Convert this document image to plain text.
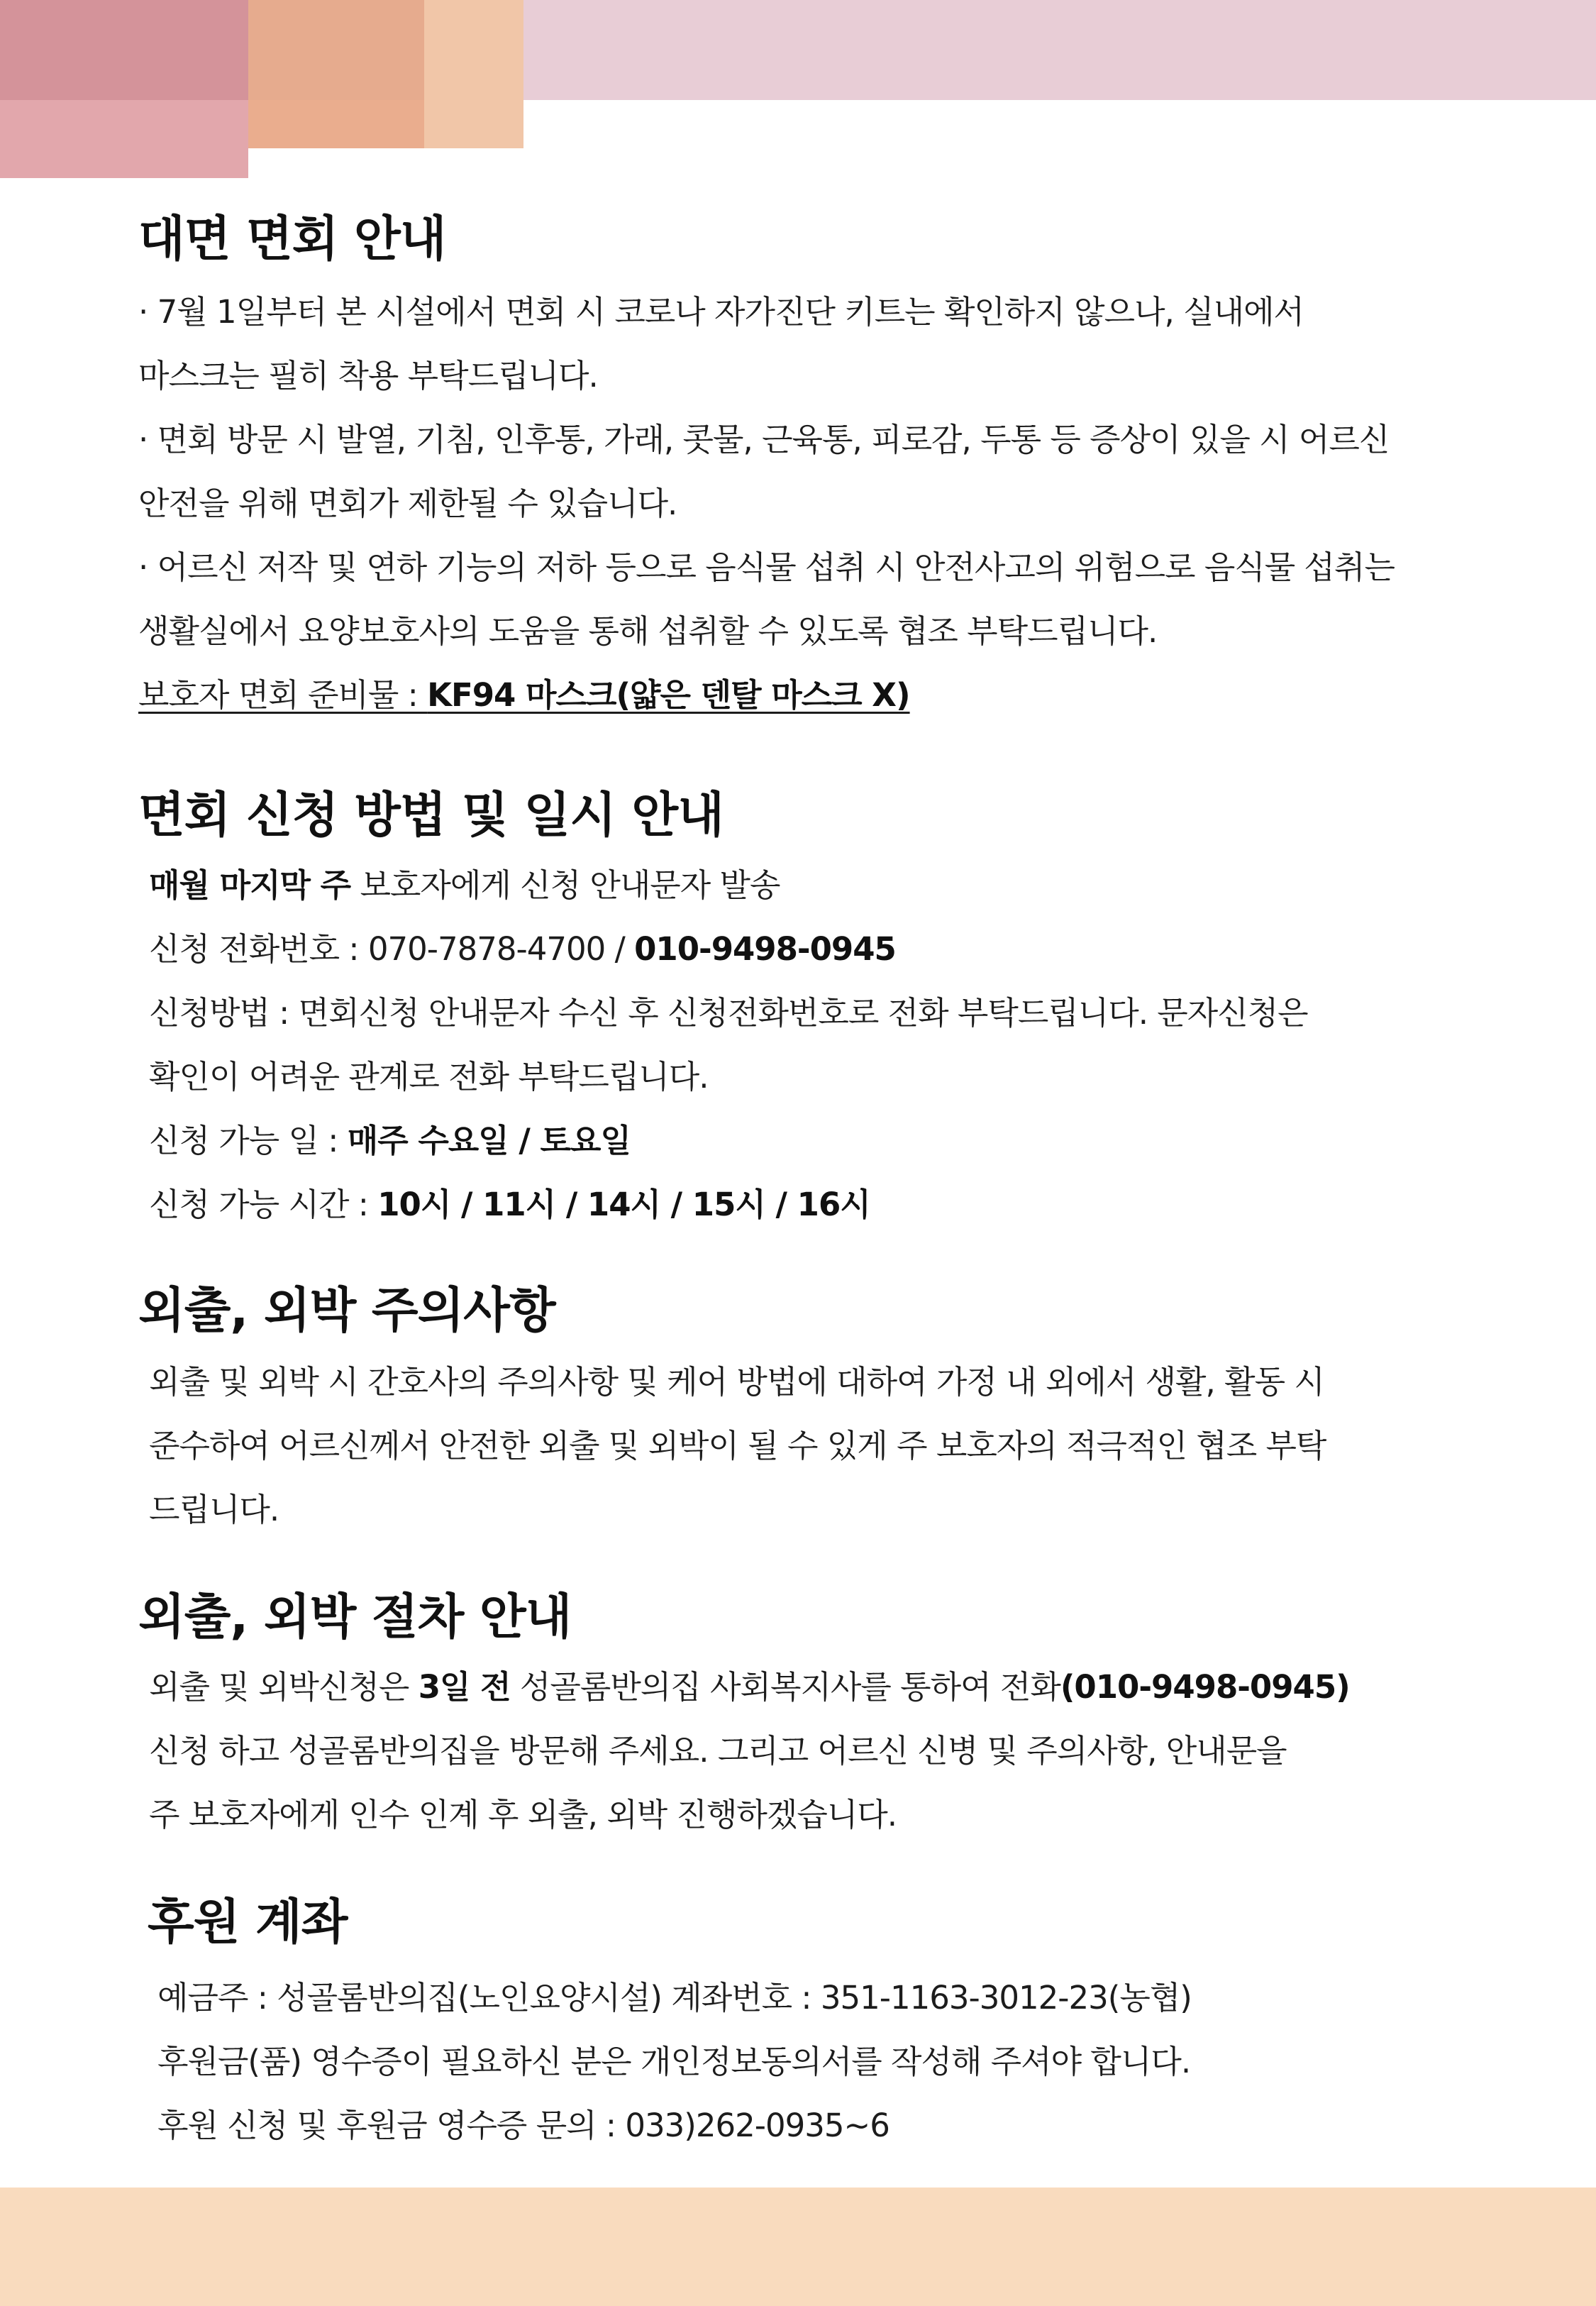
대면 면회 안내
· 7월 1일부터 본 시설에서 면회 시 코로나 자가진단 키트는 확인하지 않으나, 실내에서
마스크는 필히 착용 부탁드립니다.
· 면회 방문 시 발열, 기침, 인후통, 가래, 콧물, 근육통, 피로감, 두통 등 증상이 있을 시 어르신
안전을 위해 면회가 제한될 수 있습니다.
· 어르신 저작 및 연하 기능의 저하 등으로 음식물 섭취 시 안전사고의 위험으로 음식물 섭취는
생활실에서 요양보호사의 도움을 통해 섭취할 수 있도록 협조 부탁드립니다.
보호자 면회 준비물 : KF94 마스크(얇은 덴탈 마스크 X)
면회 신청 방법 및 일시 안내
매월 마지막 주 보호자에게 신청 안내문자 발송
신청 전화번호 : 070-7878-4700 / 010-9498-0945
신청방법 : 면회신청 안내문자 수신 후 신청전화번호로 전화 부탁드립니다. 문자신청은
확인이 어려운 관계로 전화 부탁드립니다.
신청 가능 일 : 매주 수요일 / 토요일
신청 가능 시간 : 10시 / 11시 / 14시 / 15시 / 16시
외출, 외박 주의사항
외출 및 외박 시 간호사의 주의사항 및 케어 방법에 대하여 가정 내 외에서 생활, 활동 시
준수하여 어르신께서 안전한 외출 및 외박이 될 수 있게 주 보호자의 적극적인 협조 부탁
드립니다.
외출, 외박 절차 안내
외출 및 외박신청은 3일 전 성골롬반의집 사회복지사를 통하여 전화(010-9498-0945)
신청 하고 성골롬반의집을 방문해 주세요. 그리고 어르신 신병 및 주의사항, 안내문을
주 보호자에게 인수 인계 후 외출, 외박 진행하겠습니다.
후원 계좌
예금주 : 성골롬반의집(노인요양시설) 계좌번호 : 351-1163-3012-23(농협)
후원금(품) 영수증이 필요하신 분은 개인정보동의서를 작성해 주셔야 합니다.
후원 신청 및 후원금 영수증 문의 : 033)262-0935~6
